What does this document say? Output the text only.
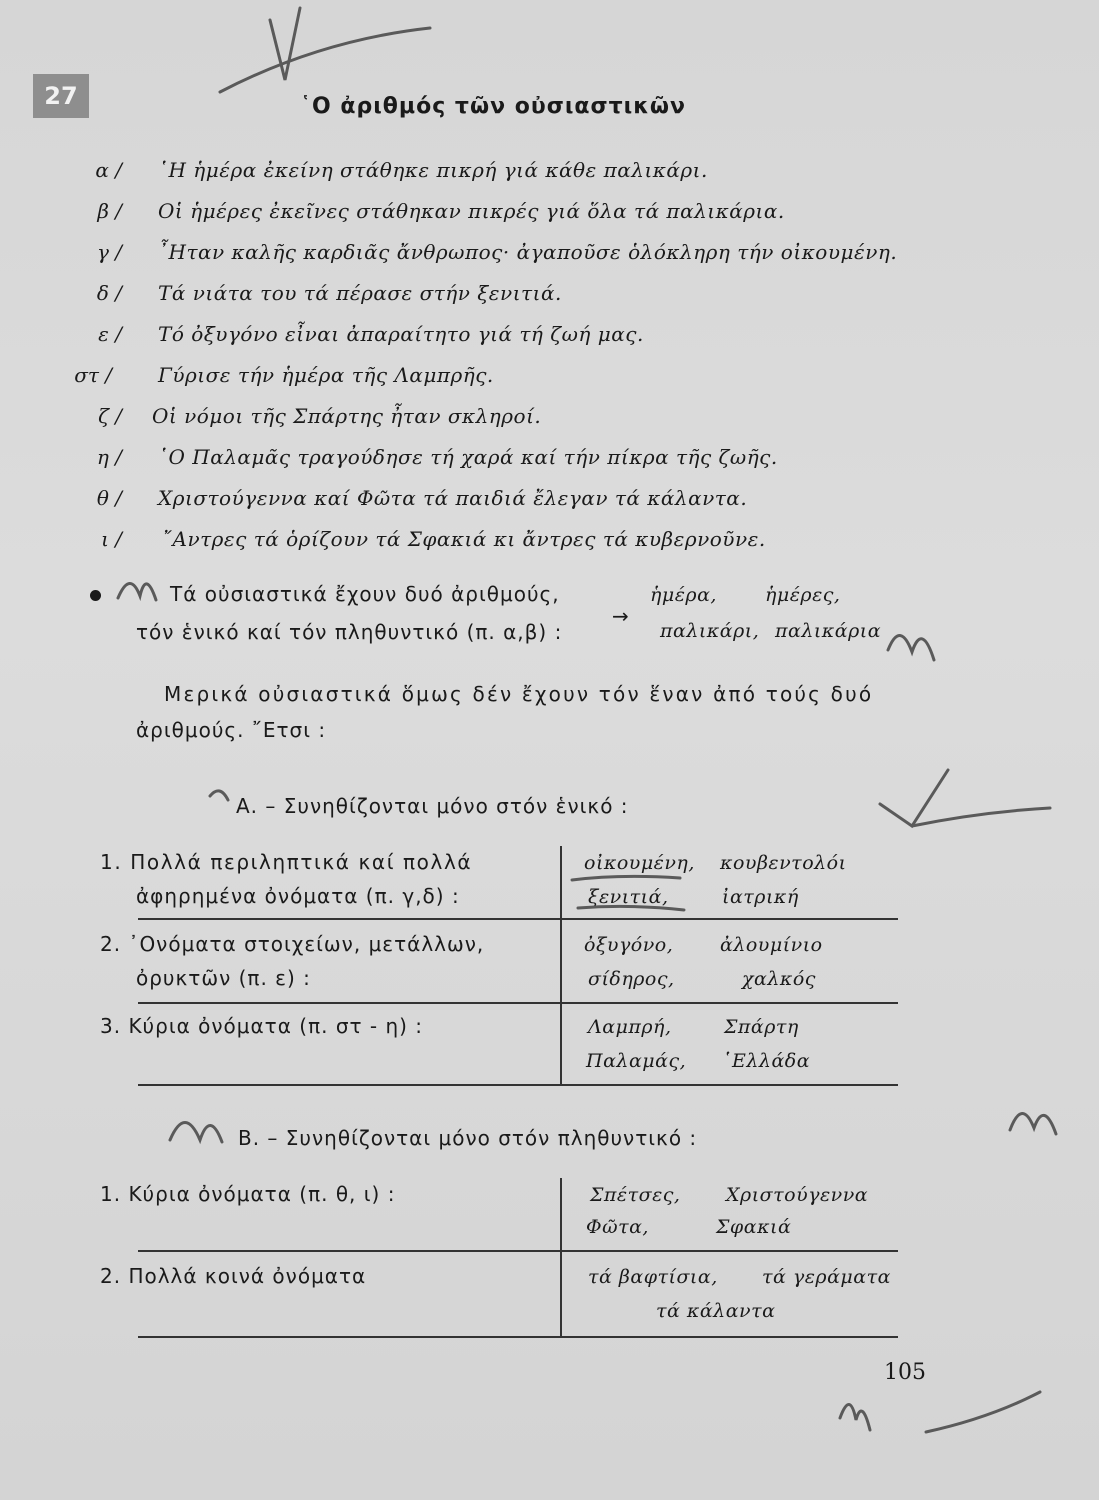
27	῾Ο ἀριθμός τῶν οὐσιαστικῶν
α / ῾Η ἡμέρα ἐκείνη στάθηκε πικρή γιά κάθε παλικάρι.
β / Οἱ ἡμέρες ἐκεῖνες στάθηκαν πικρές γιά ὅλα τά παλικάρια.
γ / ῏Ηταν καλῆς καρδιᾶς ἄνθρωπος· ἀγαποῦσε ὁλόκληρη τήν οἰκουμένη.
δ / Τά νιάτα του τά πέρασε στήν ξενιτιά.
ε / Τό ὀξυγόνο εἶναι ἀπαραίτητο γιά τή ζωή μας.
στ / Γύρισε τήν ἡμέρα τῆς Λαμπρῆς.
ζ / Οἱ νόμοι τῆς Σπάρτης ἦταν σκληροί.
η / ῾Ο Παλαμᾶς τραγούδησε τή χαρά καί τήν πίκρα τῆς ζωῆς.
θ / Χριστούγεννα καί Φῶτα τά παιδιά ἔλεγαν τά κάλαντα.
ι / ῎Αντρες τά ὁρίζουν τά Σφακιά κι ἄντρες τά κυβερνοῦνε.
Τά οὐσιαστικά ἔχουν δυό ἀριθμούς,
τόν ἑνικό καί τόν πληθυντικό (π. α,β) :
→
ἡμέρα,	ἡμέρες,
παλικάρι, παλικάρια
Μερικά οὐσιαστικά ὅμως δέν ἔχουν τόν ἕναν ἀπό τούς δυό
ἀριθμούς. ῎Ετσι :
Α. – Συνηθίζονται μόνο στόν ἑνικό :
1. Πολλά περιληπτικά καί πολλά
ἀφηρημένα ὀνόματα (π. γ,δ) :
οἰκουμένη, κουβεντολόι
ξενιτιά,	ἰατρική
2. ᾿Ονόματα στοιχείων, μετάλλων,
ὀρυκτῶν (π. ε) :
ὀξυγόνο, ἀλουμίνιο
σίδηρος,	χαλκός
3. Κύρια ὀνόματα (π. στ - η) :	Λαμπρή,	Σπάρτη
Παλαμάς, ῾Ελλάδα
Β. – Συνηθίζονται μόνο στόν πληθυντικό :
1. Κύρια ὀνόματα (π. θ, ι) :	Σπέτσες, Χριστούγεννα
Φῶτα,	Σφακιά
2. Πολλά κοινά ὀνόματα	τά βαφτίσια, τά γεράματα
τά κάλαντα
105
